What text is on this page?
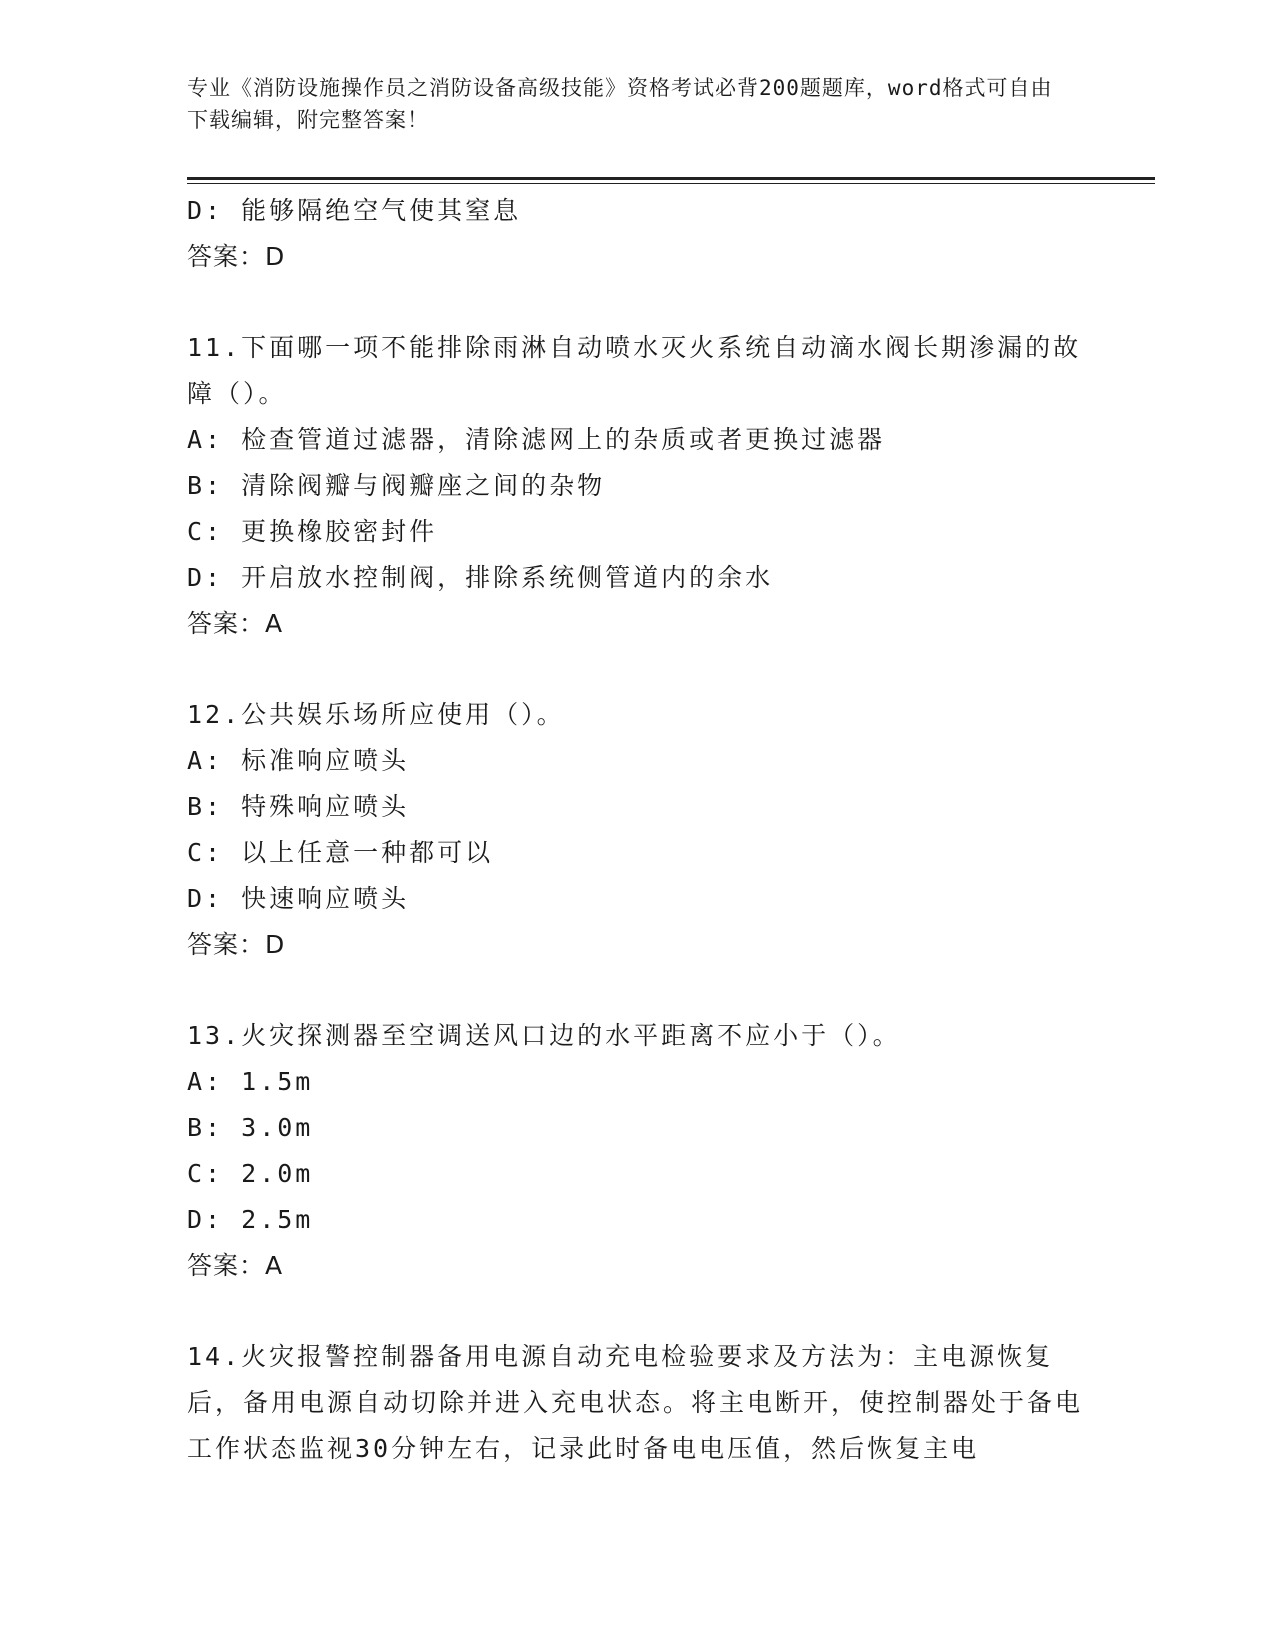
专业《消防设施操作员之消防设备高级技能》资格考试必背200题题库，word格式可自由下载编辑，附完整答案！

D: 能够隔绝空气使其窒息

答案：D

11.下面哪一项不能排除雨淋自动喷水灭火系统自动滴水阀长期渗漏的故障（）。

A: 检查管道过滤器，清除滤网上的杂质或者更换过滤器

B: 清除阀瓣与阀瓣座之间的杂物

C: 更换橡胶密封件

D: 开启放水控制阀，排除系统侧管道内的余水

答案：A

12.公共娱乐场所应使用（）。

A: 标准响应喷头

B: 特殊响应喷头

C: 以上任意一种都可以

D: 快速响应喷头

答案：D

13.火灾探测器至空调送风口边的水平距离不应小于（）。

A: 1.5m

B: 3.0m

C: 2.0m

D: 2.5m

答案：A

14.火灾报警控制器备用电源自动充电检验要求及方法为：主电源恢复后，备用电源自动切除并进入充电状态。将主电断开，使控制器处于备电工作状态监视30分钟左右，记录此时备电电压值，然后恢复主电
